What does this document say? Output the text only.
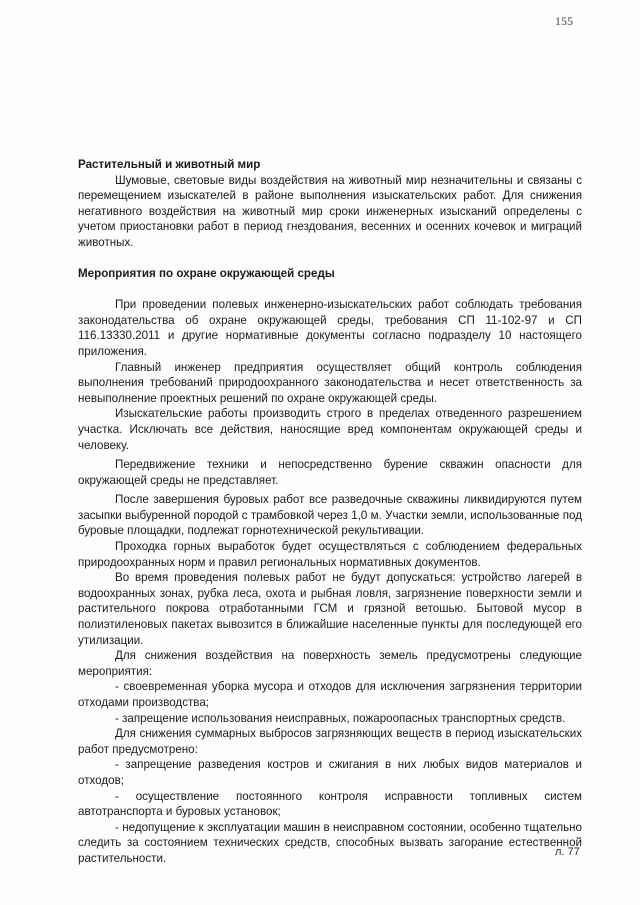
155
Растительный и животный мир

Шумовые, световые виды воздействия на животный мир незначительны и связаны с перемещением изыскателей в районе выполнения изыскательских работ. Для снижения негативного воздействия на животный мир сроки инженерных изысканий определены с учетом приостановки работ в период гнездования, весенних и осенних кочевок и миграций животных.

Мероприятия по охране окружающей среды

При проведении полевых инженерно-изыскательских работ соблюдать требования законодательства об охране окружающей среды, требования СП 11-102-97 и СП 116.13330.2011 и другие нормативные документы согласно подразделу 10 настоящего приложения.

Главный инженер предприятия осуществляет общий контроль соблюдения выполнения требований природоохранного законодательства и несет ответственность за невыполнение проектных решений по охране окружающей среды.

Изыскательские работы производить строго в пределах отведенного разрешением участка. Исключать все действия, наносящие вред компонентам окружающей среды и человеку.

Передвижение техники и непосредственно бурение скважин опасности для окружающей среды не представляет.

После завершения буровых работ все разведочные скважины ликвидируются путем засыпки выбуренной породой с трамбовкой через 1,0 м. Участки земли, использованные под буровые площадки, подлежат горнотехнической рекультивации.

Проходка горных выработок будет осуществляться с соблюдением федеральных природоохранных норм и правил региональных нормативных документов.

Во время проведения полевых работ не будут допускаться: устройство лагерей в водоохранных зонах, рубка леса, охота и рыбная ловля, загрязнение поверхности земли и растительного покрова отработанными ГСМ и грязной ветошью. Бытовой мусор в полиэтиленовых пакетах вывозится в ближайшие населенные пункты для последующей его утилизации.

Для снижения воздействия на поверхность земель предусмотрены следующие мероприятия:

- своевременная уборка мусора и отходов для исключения загрязнения территории отходами производства;

- запрещение использования неисправных, пожароопасных транспортных средств.

Для снижения суммарных выбросов загрязняющих веществ в период изыскательских работ предусмотрено:

- запрещение разведения костров и сжигания в них любых видов материалов и отходов;

- осуществление постоянного контроля исправности топливных систем автотранспорта и буровых установок;

- недопущение к эксплуатации машин в неисправном состоянии, особенно тщательно следить за состоянием технических средств, способных вызвать загорание естественной растительности.	л. 77
